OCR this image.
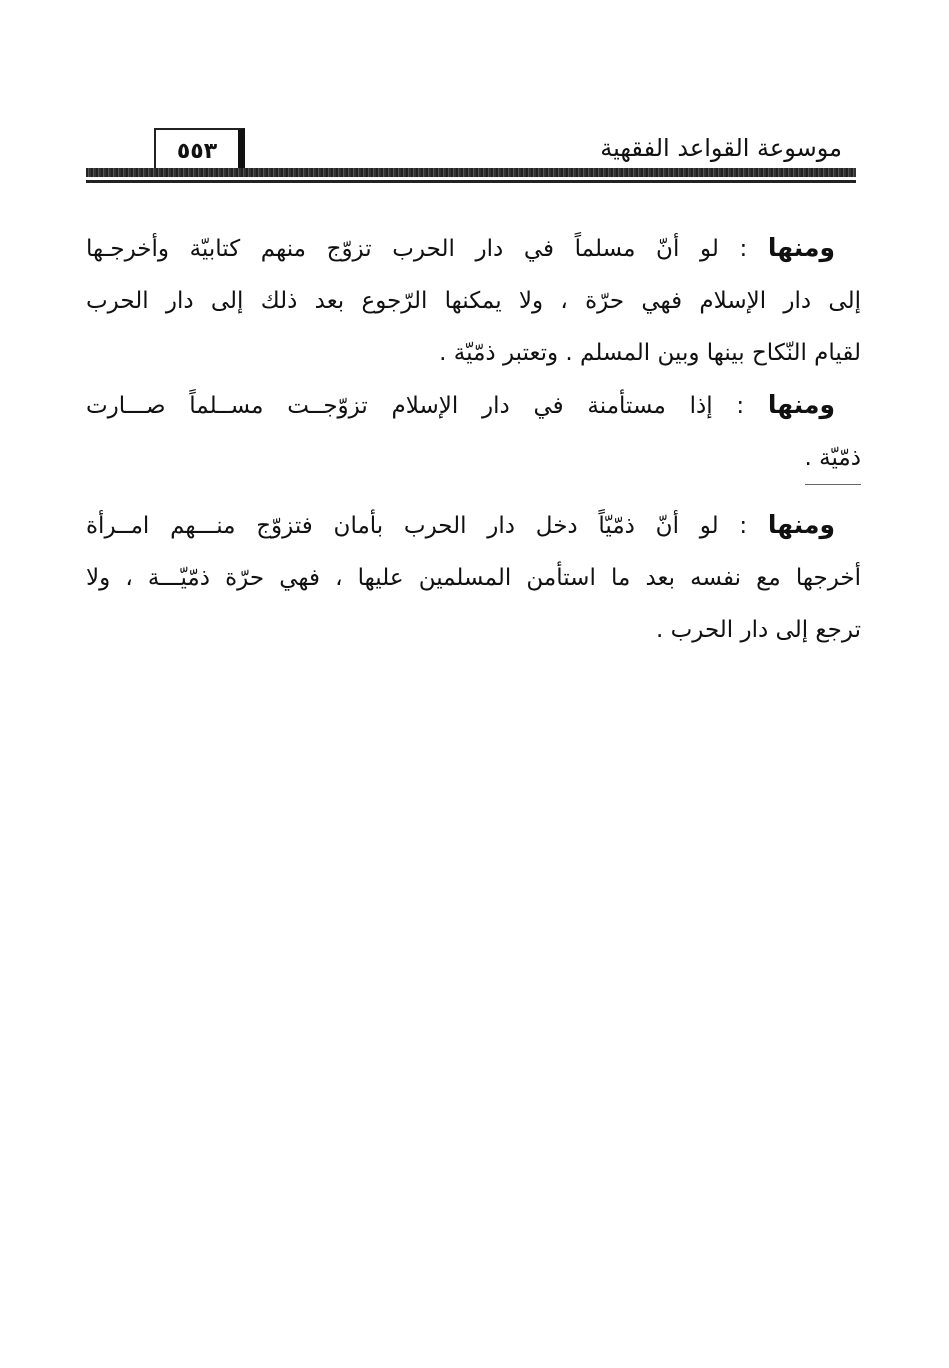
موسوعة القواعد الفقهية
٥٥٣
ومنها : لو أنّ مسلماً في دار الحرب تزوّج منهم كتابيّة وأخرجـها
إلى دار الإسلام فهي حرّة ، ولا يمكنها الرّجوع بعد ذلك إلى دار الحرب
لقيام النّكاح بينها وبين المسلم . وتعتبر ذمّيّة .
ومنها : إذا مستأمنة في دار الإسلام تزوّجــت مســلماً صـــارت
ذمّيّة .
ومنها : لو أنّ ذمّيّاً دخل دار الحرب بأمان فتزوّج منـــهم امــرأة
أخرجها مع نفسه بعد ما استأمن المسلمين عليها ، فهي حرّة ذمّيّـــة ، ولا
ترجع إلى دار الحرب .
